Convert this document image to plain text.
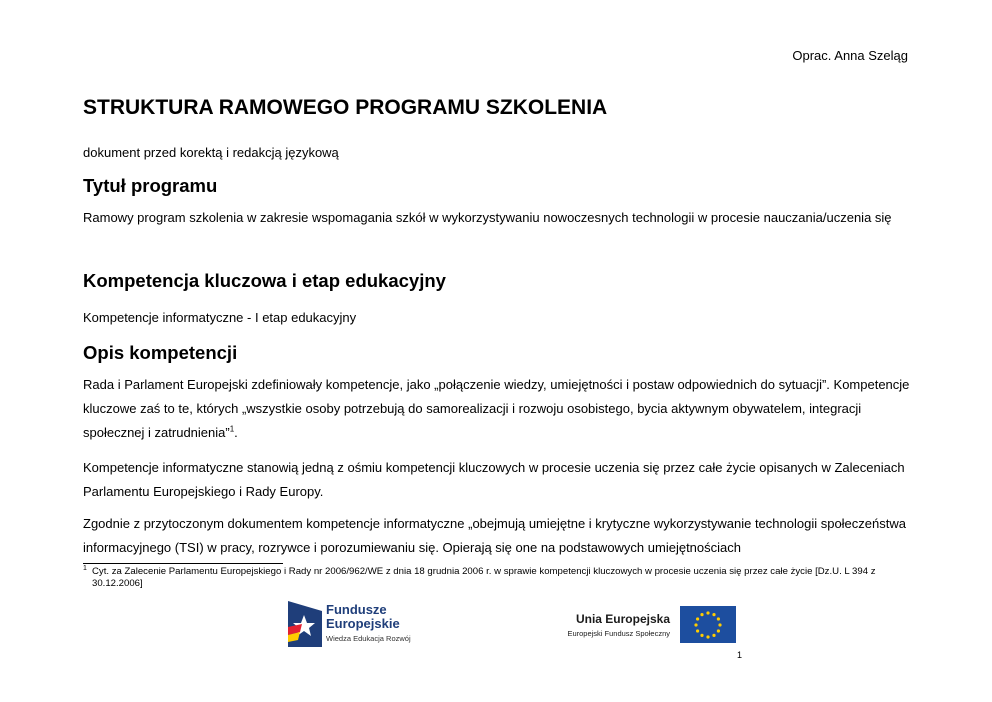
Oprac. Anna Szeląg
STRUKTURA RAMOWEGO PROGRAMU SZKOLENIA
dokument przed korektą i redakcją językową
Tytuł programu

Ramowy program szkolenia w zakresie wspomagania szkół w wykorzystywaniu nowoczesnych technologii w procesie nauczania/uczenia się

Kompetencja kluczowa i etap edukacyjny

Kompetencje informatyczne - I etap edukacyjny

Opis kompetencji

Rada i Parlament Europejski zdefiniowały kompetencje, jako „połączenie wiedzy, umiejętności i postaw odpowiednich do sytuacji”. Kompetencje kluczowe zaś to te, których „wszystkie osoby potrzebują do samorealizacji i rozwoju osobistego, bycia aktywnym obywatelem, integracji społecznej i zatrudnienia”$^1$.

Kompetencje informatyczne stanowią jedną z ośmiu kompetencji kluczowych w procesie uczenia się przez całe życie opisanych w Zaleceniach Parlamentu Europejskiego i Rady Europy.

Zgodnie z przytoczonym dokumentem kompetencje informatyczne „obejmują umiejętne i krytyczne wykorzystywanie technologii społeczeństwa informacyjnego (TSI) w pracy, rozrywce i porozumiewaniu się. Opierają się one na podstawowych umiejętnościach

1 Cyt. za Zalecenie Parlamentu Europejskiego i Rady nr 2006/962/WE z dnia 18 grudnia 2006 r. w sprawie kompetencji kluczowych w procesie uczenia się przez całe życie [Dz.U. L 394 z 30.12.2006]
Fundusze
Europejskie
Wiedza Edukacja Rozwój
Unia Europejska
Europejski Fundusz Społeczny
1
